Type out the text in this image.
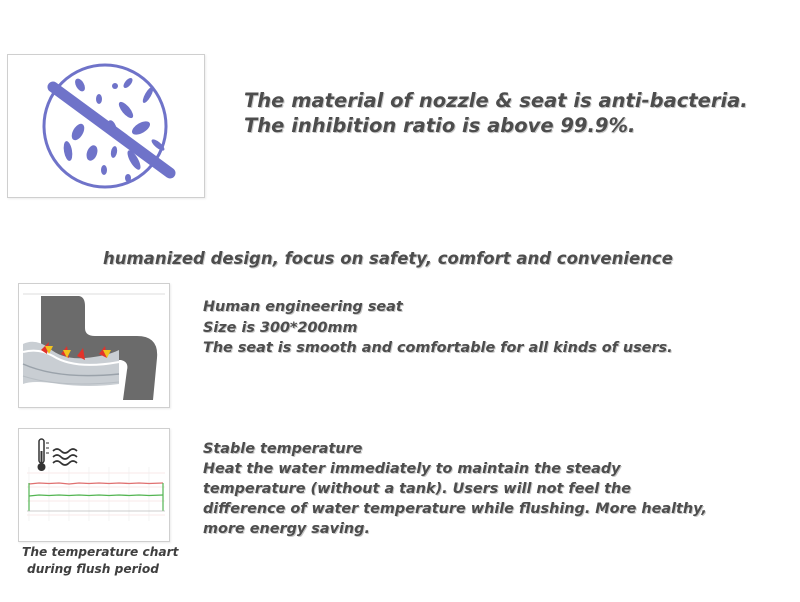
The material of nozzle & seat is anti-bacteria.
The inhibition ratio is above 99.9%.
humanized design, focus on safety, comfort and convenience
Human engineering seat
Size is 300*200mm
The seat is smooth and comfortable for all kinds of users.
The temperature chart
during flush period
Stable temperature
Heat the water immediately to maintain the steady
temperature (without a tank). Users will not feel the
difference of water temperature while flushing. More healthy,
more energy saving.
